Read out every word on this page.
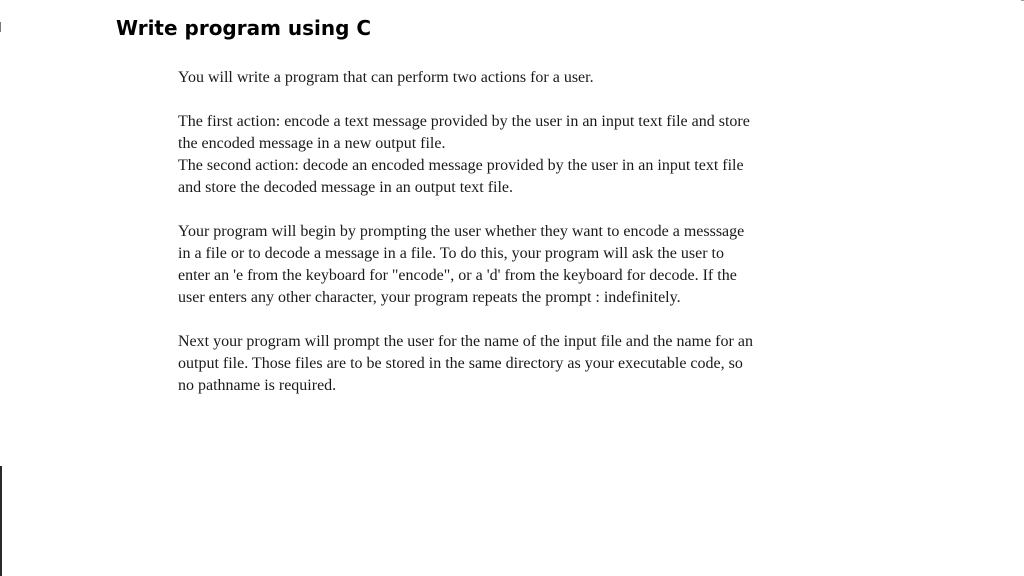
Write program using C

You will write a program that can perform two actions for a user.

The first action: encode a text message provided by the user in an input text file and store
the encoded message in a new output file.
The second action: decode an encoded message provided by the user in an input text file
and store the decoded message in an output text file.

Your program will begin by prompting the user whether they want to encode a messsage
in a file or to decode a message in a file. To do this, your program will ask the user to
enter an 'e from the keyboard for "encode", or a 'd' from the keyboard for decode. If the
user enters any other character, your program repeats the prompt : indefinitely.

Next your program will prompt the user for the name of the input file and the name for an
output file. Those files are to be stored in the same directory as your executable code, so
no pathname is required.
